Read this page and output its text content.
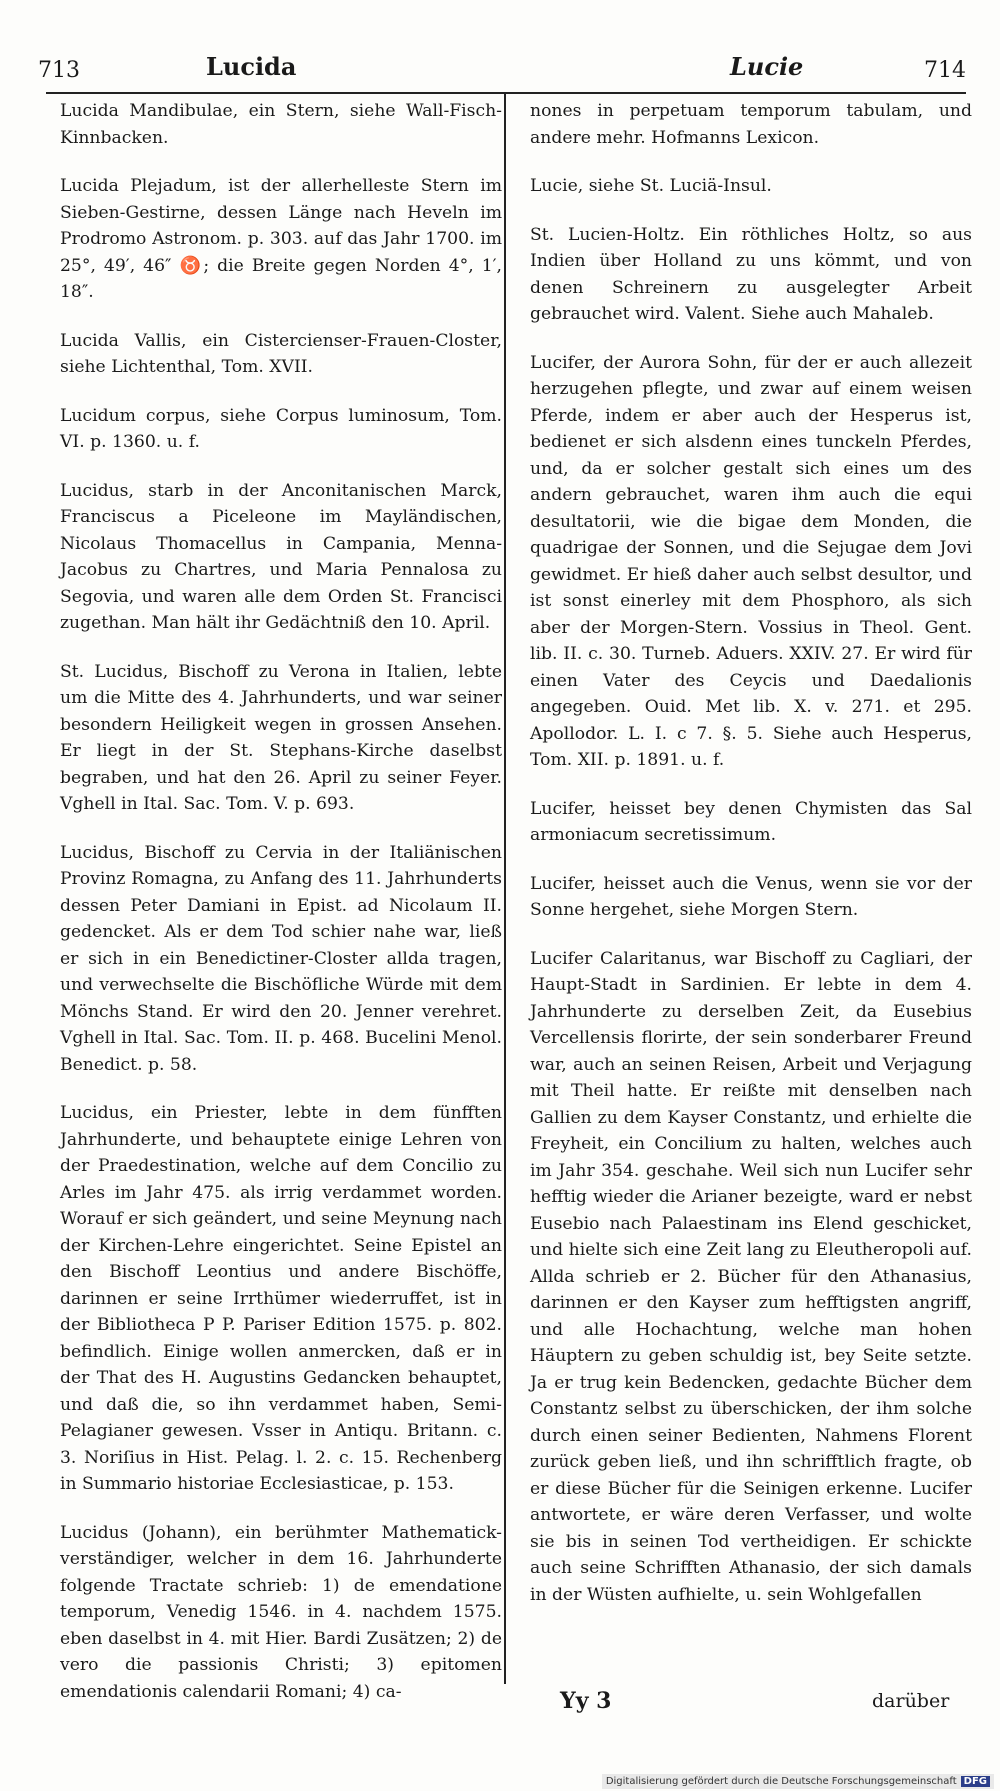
713	Lucida	Lucie	714

Lucida Mandibulae, ein Stern, siehe Wall-Fisch-Kinnbacken.

Lucida Plejadum, ist der allerhelleste Stern im Sieben-Gestirne, dessen Länge nach Heveln im Prodromo Astronom. p. 303. auf das Jahr 1700. im 25°, 49′, 46″ ♉; die Breite gegen Norden 4°, 1′, 18″.

Lucida Vallis, ein Cistercienser-Frauen-Closter, siehe Lichtenthal, Tom. XVII.

Lucidum corpus, siehe Corpus luminosum, Tom. VI. p. 1360. u. f.

Lucidus, starb in der Anconitanischen Marck, Franciscus a Piceleone im Mayländischen, Nicolaus Thomacellus in Campania, Menna-Jacobus zu Chartres, und Maria Pennalosa zu Segovia, und waren alle dem Orden St. Francisci zugethan. Man hält ihr Gedächtniß den 10. April.

St. Lucidus, Bischoff zu Verona in Italien, lebte um die Mitte des 4. Jahrhunderts, und war seiner besondern Heiligkeit wegen in grossen Ansehen. Er liegt in der St. Stephans-Kirche daselbst begraben, und hat den 26. April zu seiner Feyer. Vghell in Ital. Sac. Tom. V. p. 693.

Lucidus, Bischoff zu Cervia in der Italiänischen Provinz Romagna, zu Anfang des 11. Jahrhunderts dessen Peter Damiani in Epist. ad Nicolaum II. gedencket. Als er dem Tod schier nahe war, ließ er sich in ein Benedictiner-Closter allda tragen, und verwechselte die Bischöfliche Würde mit dem Mönchs Stand. Er wird den 20. Jenner verehret. Vghell in Ital. Sac. Tom. II. p. 468. Bucelini Menol. Benedict. p. 58.

Lucidus, ein Priester, lebte in dem fünfften Jahrhunderte, und behauptete einige Lehren von der Praedestination, welche auf dem Concilio zu Arles im Jahr 475. als irrig verdammet worden. Worauf er sich geändert, und seine Meynung nach der Kirchen-Lehre eingerichtet. Seine Epistel an den Bischoff Leontius und andere Bischöffe, darinnen er seine Irrthümer wiederruffet, ist in der Bibliotheca P P. Pariser Edition 1575. p. 802. befindlich. Einige wollen anmercken, daß er in der That des H. Augustins Gedancken behauptet, und daß die, so ihn verdammet haben, Semi-Pelagianer gewesen. Vsser in Antiqu. Britann. c. 3. Noriſius in Hist. Pelag. l. 2. c. 15. Rechenberg in Summario historiae Ecclesiasticae, p. 153.

Lucidus (Johann), ein berühmter Mathematick-verständiger, welcher in dem 16. Jahrhunderte folgende Tractate schrieb: 1) de emendatione temporum, Venedig 1546. in 4. nachdem 1575. eben daselbst in 4. mit Hier. Bardi Zusätzen; 2) de vero die passionis Christi; 3) epitomen emendationis calendarii Romani; 4) ca-

nones in perpetuam temporum tabulam, und andere mehr. Hofmanns Lexicon.

Lucie, siehe St. Luciä-Insul.

St. Lucien-Holtz. Ein röthliches Holtz, so aus Indien über Holland zu uns kömmt, und von denen Schreinern zu ausgelegter Arbeit gebrauchet wird. Valent. Siehe auch Mahaleb.

Lucifer, der Aurora Sohn, für der er auch allezeit herzugehen pflegte, und zwar auf einem weisen Pferde, indem er aber auch der Hesperus ist, bedienet er sich alsdenn eines tunckeln Pferdes, und, da er solcher gestalt sich eines um des andern gebrauchet, waren ihm auch die equi desultatorii, wie die bigae dem Monden, die quadrigae der Sonnen, und die Sejugae dem Jovi gewidmet. Er hieß daher auch selbst desultor, und ist sonst einerley mit dem Phosphoro, als sich aber der Morgen-Stern. Vossius in Theol. Gent. lib. II. c. 30. Turneb. Aduers. XXIV. 27. Er wird für einen Vater des Ceycis und Daedalionis angegeben. Ouid. Met lib. X. v. 271. et 295. Apollodor. L. I. c 7. §. 5. Siehe auch Hesperus, Tom. XII. p. 1891. u. f.

Lucifer, heisset bey denen Chymisten das Sal armoniacum secretissimum.

Lucifer, heisset auch die Venus, wenn sie vor der Sonne hergehet, siehe Morgen Stern.

Lucifer Calaritanus, war Bischoff zu Cagliari, der Haupt-Stadt in Sardinien. Er lebte in dem 4. Jahrhunderte zu derselben Zeit, da Eusebius Vercellensis florirte, der sein sonderbarer Freund war, auch an seinen Reisen, Arbeit und Verjagung mit Theil hatte. Er reißte mit denselben nach Gallien zu dem Kayser Constantz, und erhielte die Freyheit, ein Concilium zu halten, welches auch im Jahr 354. geschahe. Weil sich nun Lucifer sehr hefftig wieder die Arianer bezeigte, ward er nebst Eusebio nach Palaestinam ins Elend geschicket, und hielte sich eine Zeit lang zu Eleutheropoli auf. Allda schrieb er 2. Bücher für den Athanasius, darinnen er den Kayser zum hefftigsten angriff, und alle Hochachtung, welche man hohen Häuptern zu geben schuldig ist, bey Seite setzte. Ja er trug kein Bedencken, gedachte Bücher dem Constantz selbst zu überschicken, der ihm solche durch einen seiner Bedienten, Nahmens Florent zurück geben ließ, und ihn schrifftlich fragte, ob er diese Bücher für die Seinigen erkenne. Lucifer antwortete, er wäre deren Verfasser, und wolte sie bis in seinen Tod vertheidigen. Er schickte auch seine Schrifften Athanasio, der sich damals in der Wüsten aufhielte, u. sein Wohlgefallen

Yy 3	darüber
Digitalisierung gefördert durch die Deutsche Forschungsgemeinschaft DFG
